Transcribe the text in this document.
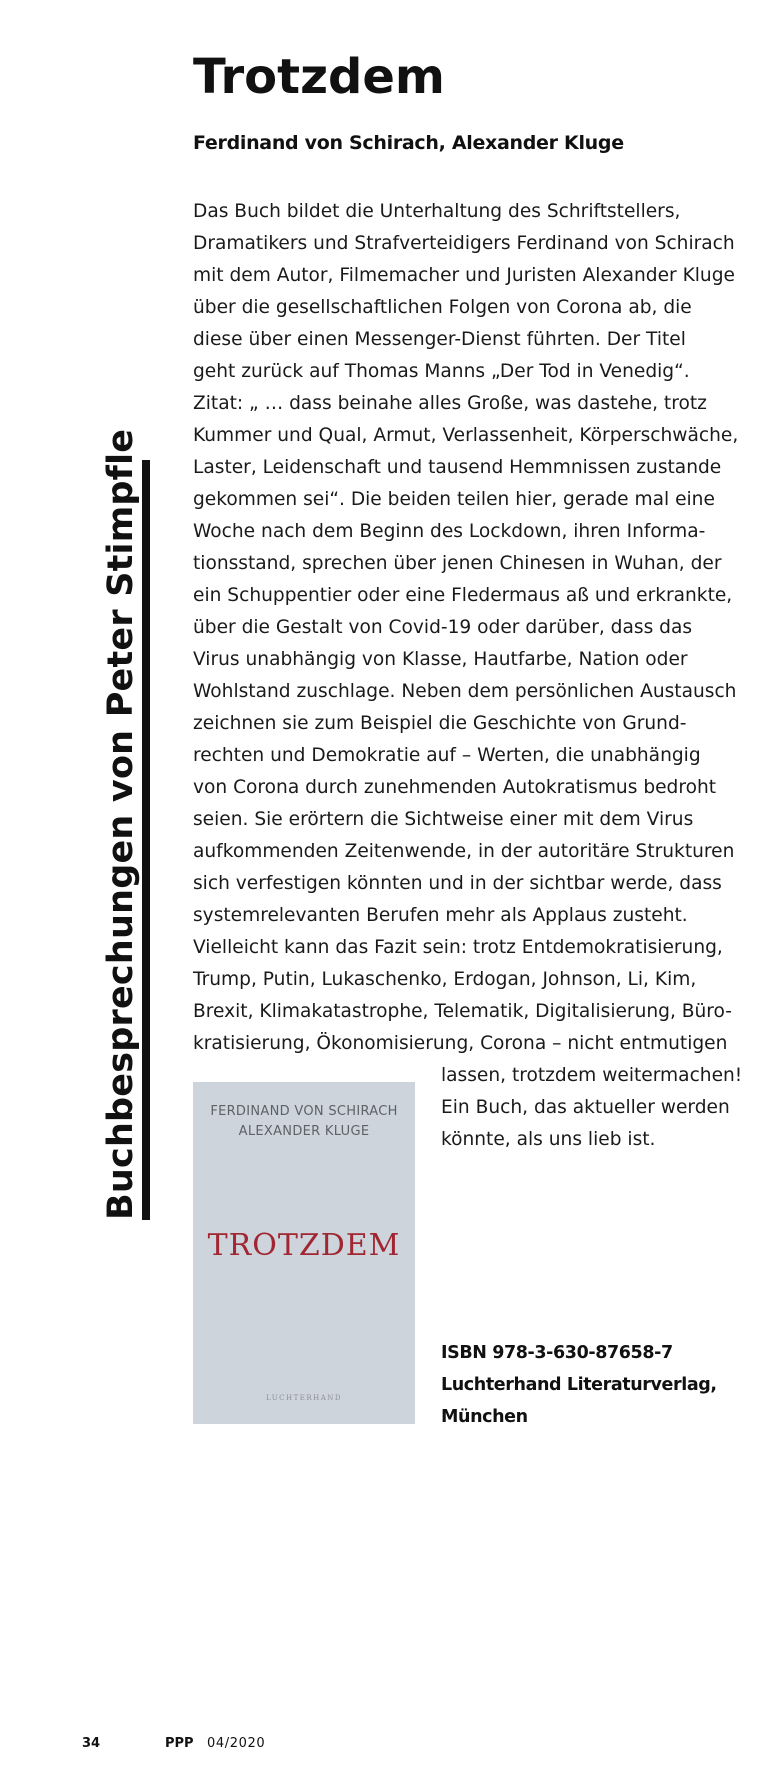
Buchbesprechungen von Peter Stimpfle
Trotzdem
Ferdinand von Schirach, Alexander Kluge
Das Buch bildet die Unterhaltung des Schriftstellers,
Dramatikers und Strafverteidigers Ferdinand von Schirach
mit dem Autor, Filmemacher und Juristen Alexander Kluge
über die gesellschaftlichen Folgen von Corona ab, die
diese über einen Messenger-Dienst führten. Der Titel
geht zurück auf Thomas Manns „Der Tod in Venedig“.
Zitat: „ … dass beinahe alles Große, was dastehe, trotz
Kummer und Qual, Armut, Verlassenheit, Körperschwäche,
Laster, Leidenschaft und tausend Hemmnissen zustande
gekommen sei“. Die beiden teilen hier, gerade mal eine
Woche nach dem Beginn des Lockdown, ihren Informa-
tionsstand, sprechen über jenen Chinesen in Wuhan, der
ein Schuppentier oder eine Fledermaus aß und erkrankte,
über die Gestalt von Covid-19 oder darüber, dass das
Virus unabhängig von Klasse, Hautfarbe, Nation oder
Wohlstand zuschlage. Neben dem persönlichen Austausch
zeichnen sie zum Beispiel die Geschichte von Grund-
rechten und Demokratie auf – Werten, die unabhängig
von Corona durch zunehmenden Autokratismus bedroht
seien. Sie erörtern die Sichtweise einer mit dem Virus
aufkommenden Zeitenwende, in der autoritäre Strukturen
sich verfestigen könnten und in der sichtbar werde, dass
systemrelevanten Berufen mehr als Applaus zusteht.
Vielleicht kann das Fazit sein: trotz Entdemokratisierung,
Trump, Putin, Lukaschenko, Erdogan, Johnson, Li, Kim,
Brexit, Klimakatastrophe, Telematik, Digitalisierung, Büro-
kratisierung, Ökonomisierung, Corona – nicht entmutigen
lassen, trotzdem weitermachen!
Ein Buch, das aktueller werden
könnte, als uns lieb ist.
FERDINAND VON SCHIRACH
ALEXANDER KLUGE
TROTZDEM
LUCHTERHAND
ISBN 978-3-630-87658-7
Luchterhand Literaturverlag,
München
34	PPP 04/2020
